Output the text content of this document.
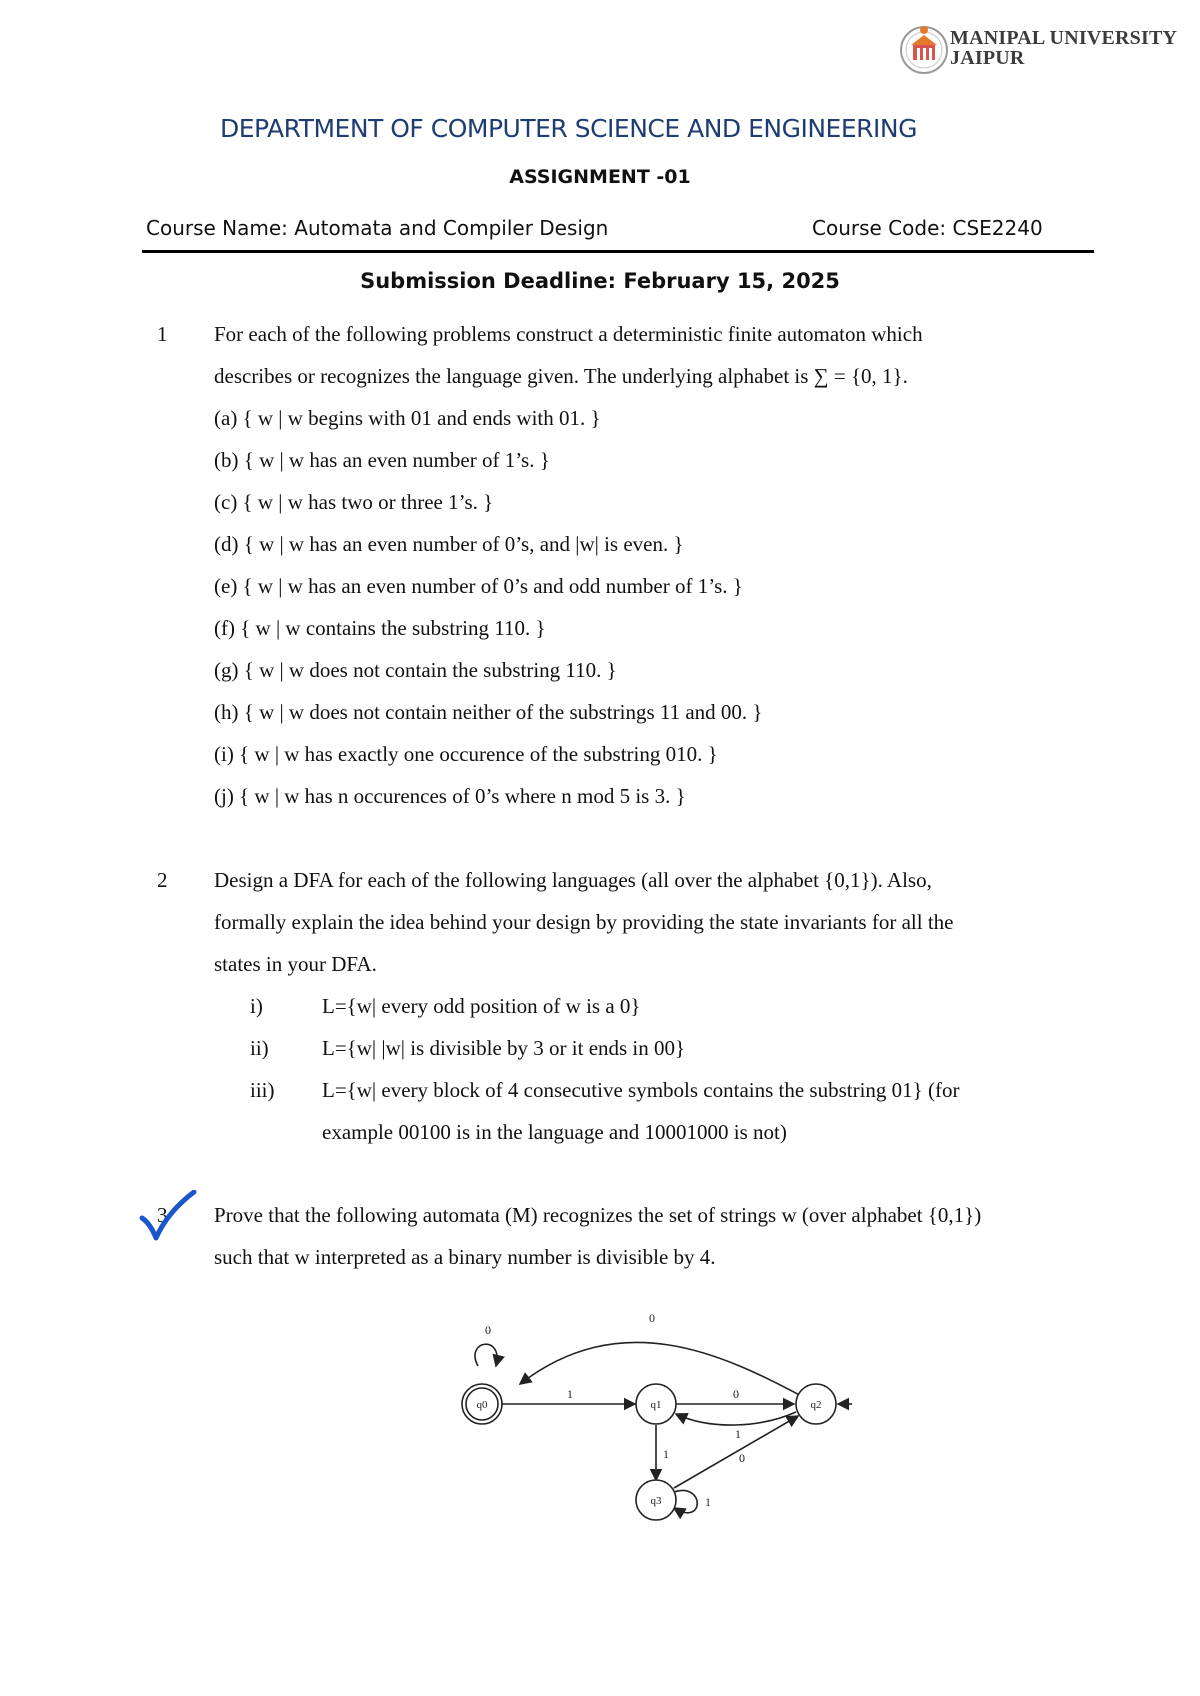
MANIPAL UNIVERSITY
JAIPUR
DEPARTMENT OF COMPUTER SCIENCE AND ENGINEERING
ASSIGNMENT -01
Course Name: Automata and Compiler Design	Course Code: CSE2240
Submission Deadline: February 15, 2025
1 For each of the following problems construct a deterministic finite automaton which
describes or recognizes the language given. The underlying alphabet is ∑ = {0, 1}.
(a) { w | w begins with 01 and ends with 01. }
(b) { w | w has an even number of 1’s. }
(c) { w | w has two or three 1’s. }
(d) { w | w has an even number of 0’s, and |w| is even. }
(e) { w | w has an even number of 0’s and odd number of 1’s. }
(f) { w | w contains the substring 110. }
(g) { w | w does not contain the substring 110. }
(h) { w | w does not contain neither of the substrings 11 and 00. }
(i) { w | w has exactly one occurence of the substring 010. }
(j) { w | w has n occurences of 0’s where n mod 5 is 3. }
2 Design a DFA for each of the following languages (all over the alphabet {0,1}). Also,
formally explain the idea behind your design by providing the state invariants for all the
states in your DFA.
i)	L={w| every odd position of w is a 0}
ii)	L={w| |w| is divisible by 3 or it ends in 00}
iii) L={w| every block of 4 consecutive symbols contains the substring 01} (for
example 00100 is in the language and 10001000 is not)
3 Prove that the following automata (M) recognizes the set of strings w (over alphabet {0,1})
such that w interpreted as a binary number is divisible by 4.
q0	q1	q2
q3
0
0
1	0
1
1	0
1
